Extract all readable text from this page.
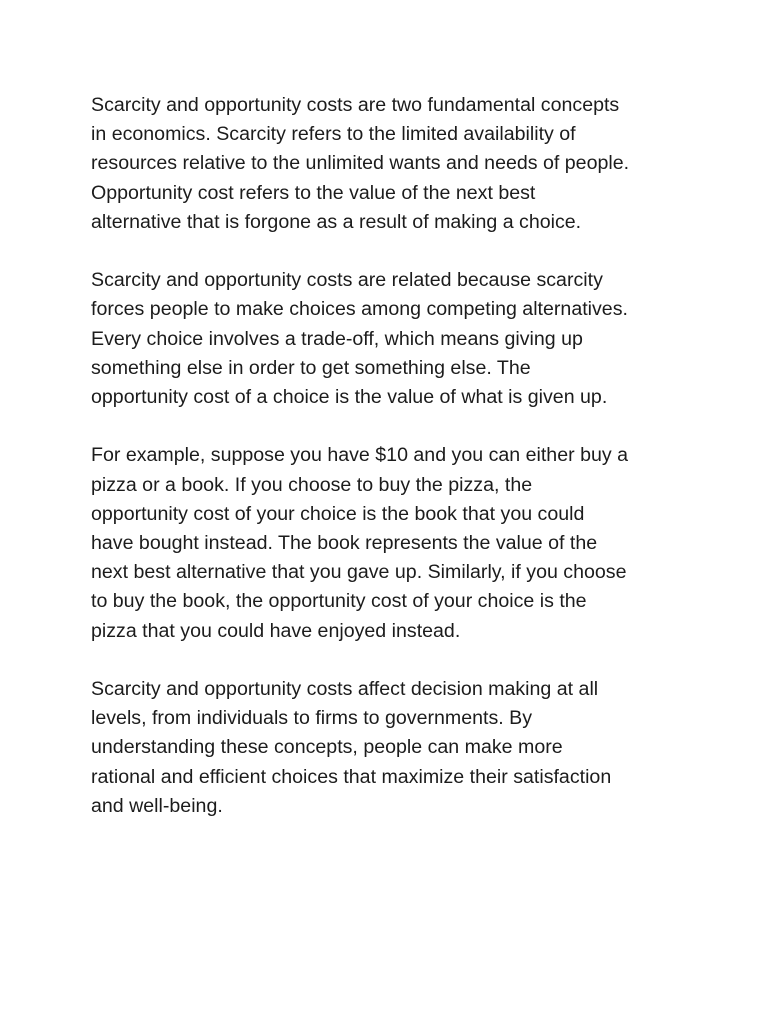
Scarcity and opportunity costs are two fundamental concepts
in economics. Scarcity refers to the limited availability of
resources relative to the unlimited wants and needs of people.
Opportunity cost refers to the value of the next best
alternative that is forgone as a result of making a choice.

Scarcity and opportunity costs are related because scarcity
forces people to make choices among competing alternatives.
Every choice involves a trade-off, which means giving up
something else in order to get something else. The
opportunity cost of a choice is the value of what is given up.

For example, suppose you have $10 and you can either buy a
pizza or a book. If you choose to buy the pizza, the
opportunity cost of your choice is the book that you could
have bought instead. The book represents the value of the
next best alternative that you gave up. Similarly, if you choose
to buy the book, the opportunity cost of your choice is the
pizza that you could have enjoyed instead.

Scarcity and opportunity costs affect decision making at all
levels, from individuals to firms to governments. By
understanding these concepts, people can make more
rational and efficient choices that maximize their satisfaction
and well-being.
